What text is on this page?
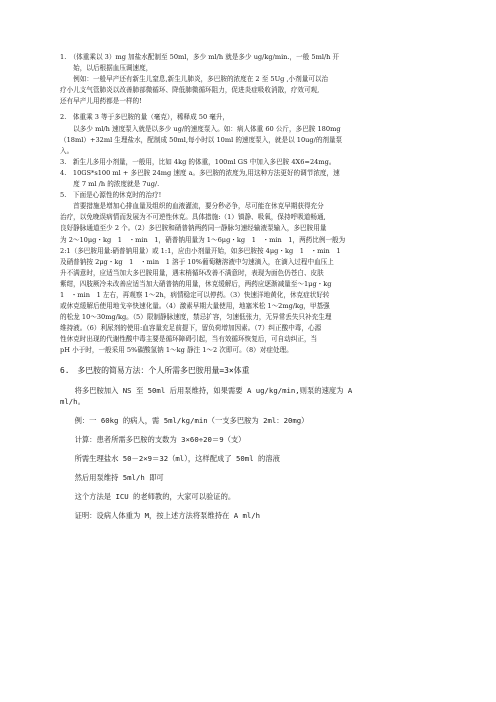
1.　（体重乘以 3）mg 加盐水配制至 50ml，多少 ml/h 就是多少 ug/kg/min.，一般 5ml/h 开

　　始，以后根据血压调速度，

　　例如：一般早产还有新生儿窒息,新生儿肺炎，多巴胺的浓度在 2 至 5Ug ,小剂量可以治

疗小儿支气管肺炎以改善肺部微循环、降低肺微循环阻力，促进炎症吸收消散，疗效可观,

还有早产儿用药都是一样的!

2.　体重乘 3 等于多巴胺的量（毫克），稀释成 50 毫升，

　　以多少 ml/h 速度泵入就是以多少 ug/的速度泵入。如：病人体重 60 公斤，多巴胺 180mg

（18ml）+32ml 生理盐水，配制成 50ml,每小时以 10ml 的速度泵入，就是以 10ug/的剂量泵

入。

3.　新生儿多用小剂量，一般用，比如 4kg 的体重，100ml GS 中加入多巴胺 4X6=24mg。

4.　10GS*s100 ml + 多巴胺 24mg 速度 a。多巴胺的浓度为,用这种方法更好的调节浓度，速

　　度 7 ml /h 的浓度就是 7ug/.

5.　下面是心源性的休克时的治疗!

　　首要措施是增加心排血量及组织的血液灌流，要分秒必争，尽可能在休克早期获得充分

治疗，以免晚误病情而发展为不可逆性休克。具体措施:（1）镇静、吸氧，保持呼吸道畅通,

良好静脉通道至少 2 个。（2）多巴胺和硝普钠两药同一静脉匀速经输液泵输入，多巴胺用量

为 2～10μg・kg　1　・min　1，硝普钠用量为 1～6μg・kg　1　・min　1，两药比例一般为

2:1（多巴胺用量:硝普钠用量）或 1:1，应由小剂量开始，如多巴胺按 4μg・kg　1　・min　1

及硝普钠按 2μg・kg　1　・min　1 溶于 10%葡萄糖溶液中匀速滴入，在滴入过程中血压上

升不满意时，应适当加大多巴胺用量，遇末梢循环改善不满意时，表现为面色仍苍白、皮肤

紫绀，四肢厥冷未改善应适当加大硝普钠的用量，休克缓解后，两药应逐渐减量至～1μg・kg

1　・min　1 左右，再观察 1～2h，病情稳定可以停药。（3）快速洋地黄化，休克症状好转

或休克缓解后使用地戈辛快速化量。（4）激素早期大量使用，地塞米松 1～2mg/kg，甲基强

的松龙 10～30mg/kg。（5）限制静脉速度，禁忌扩容，匀速低张力，无异常丢失只补充生理

维持液。（6）利尿剂的使用:血容量充足前提下，留负荷增加因素。（7）纠正酸中毒，心源

性休克时出现的代谢性酸中毒主要是循环障碍引起，当有效循环恢复后，可自动纠正，当

pH 小于时，一般采用 5%碳酸氢钠 1～kg 静注 1～2 次即可。（8）对症处理。

6.　多巴胺的简易方法：个人所需多巴胺用量=3×体重

　　将多巴胺加入 NS 至 50ml 后用泵维持，如果需要 A ug/kg/min,则泵的速度为 A

ml/h。

　　例：一 60kg 的病人，需 5ml/kg/min（一支多巴胺为 2ml：20mg）

　　计算：患者所需多巴胺的支数为 3×60÷20＝9（支）

　　所需生理盐水 50－2×9＝32（ml），这样配成了 50ml 的溶液

　　然后用泵维持 5ml/h 即可

　　这个方法是 ICU 的老师教的，大家可以验证的。

　　证明：设病人体重为 M，按上述方法将泵维持在 A ml/h
